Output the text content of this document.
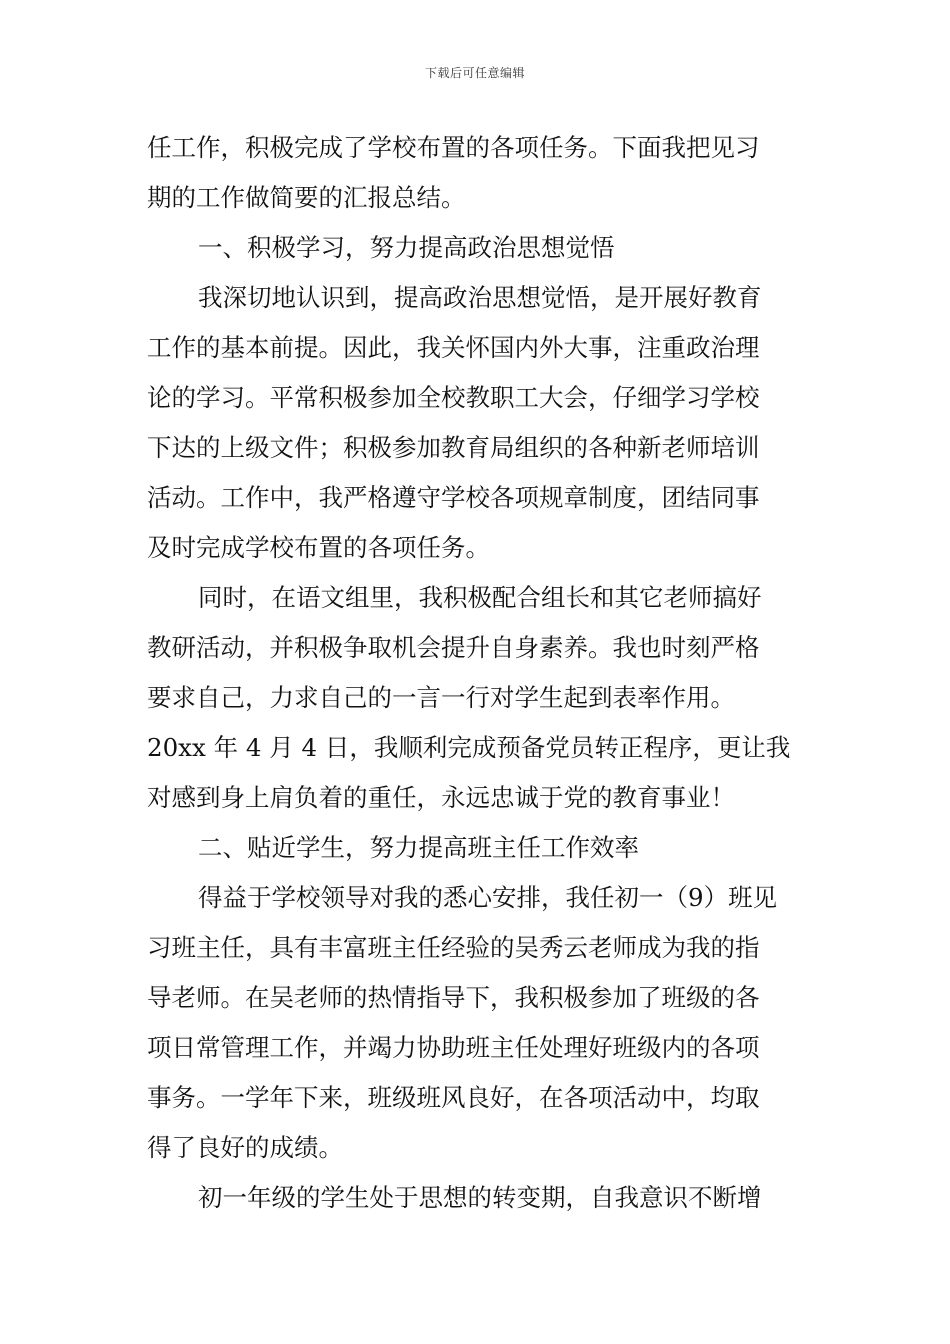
下载后可任意编辑
任工作，积极完成了学校布置的各项任务。下面我把见习
期的工作做简要的汇报总结。
一、积极学习，努力提高政治思想觉悟
我深切地认识到，提高政治思想觉悟，是开展好教育
工作的基本前提。因此，我关怀国内外大事，注重政治理
论的学习。平常积极参加全校教职工大会，仔细学习学校
下达的上级文件；积极参加教育局组织的各种新老师培训
活动。工作中，我严格遵守学校各项规章制度，团结同事
及时完成学校布置的各项任务。
同时，在语文组里，我积极配合组长和其它老师搞好
教研活动，并积极争取机会提升自身素养。我也时刻严格
要求自己，力求自己的一言一行对学生起到表率作用。
20xx 年 4 月 4 日，我顺利完成预备党员转正程序，更让我
对感到身上肩负着的重任，永远忠诚于党的教育事业！
二、贴近学生，努力提高班主任工作效率
得益于学校领导对我的悉心安排，我任初一（9）班见
习班主任，具有丰富班主任经验的吴秀云老师成为我的指
导老师。在吴老师的热情指导下，我积极参加了班级的各
项日常管理工作，并竭力协助班主任处理好班级内的各项
事务。一学年下来，班级班风良好，在各项活动中，均取
得了良好的成绩。
初一年级的学生处于思想的转变期，自我意识不断增
